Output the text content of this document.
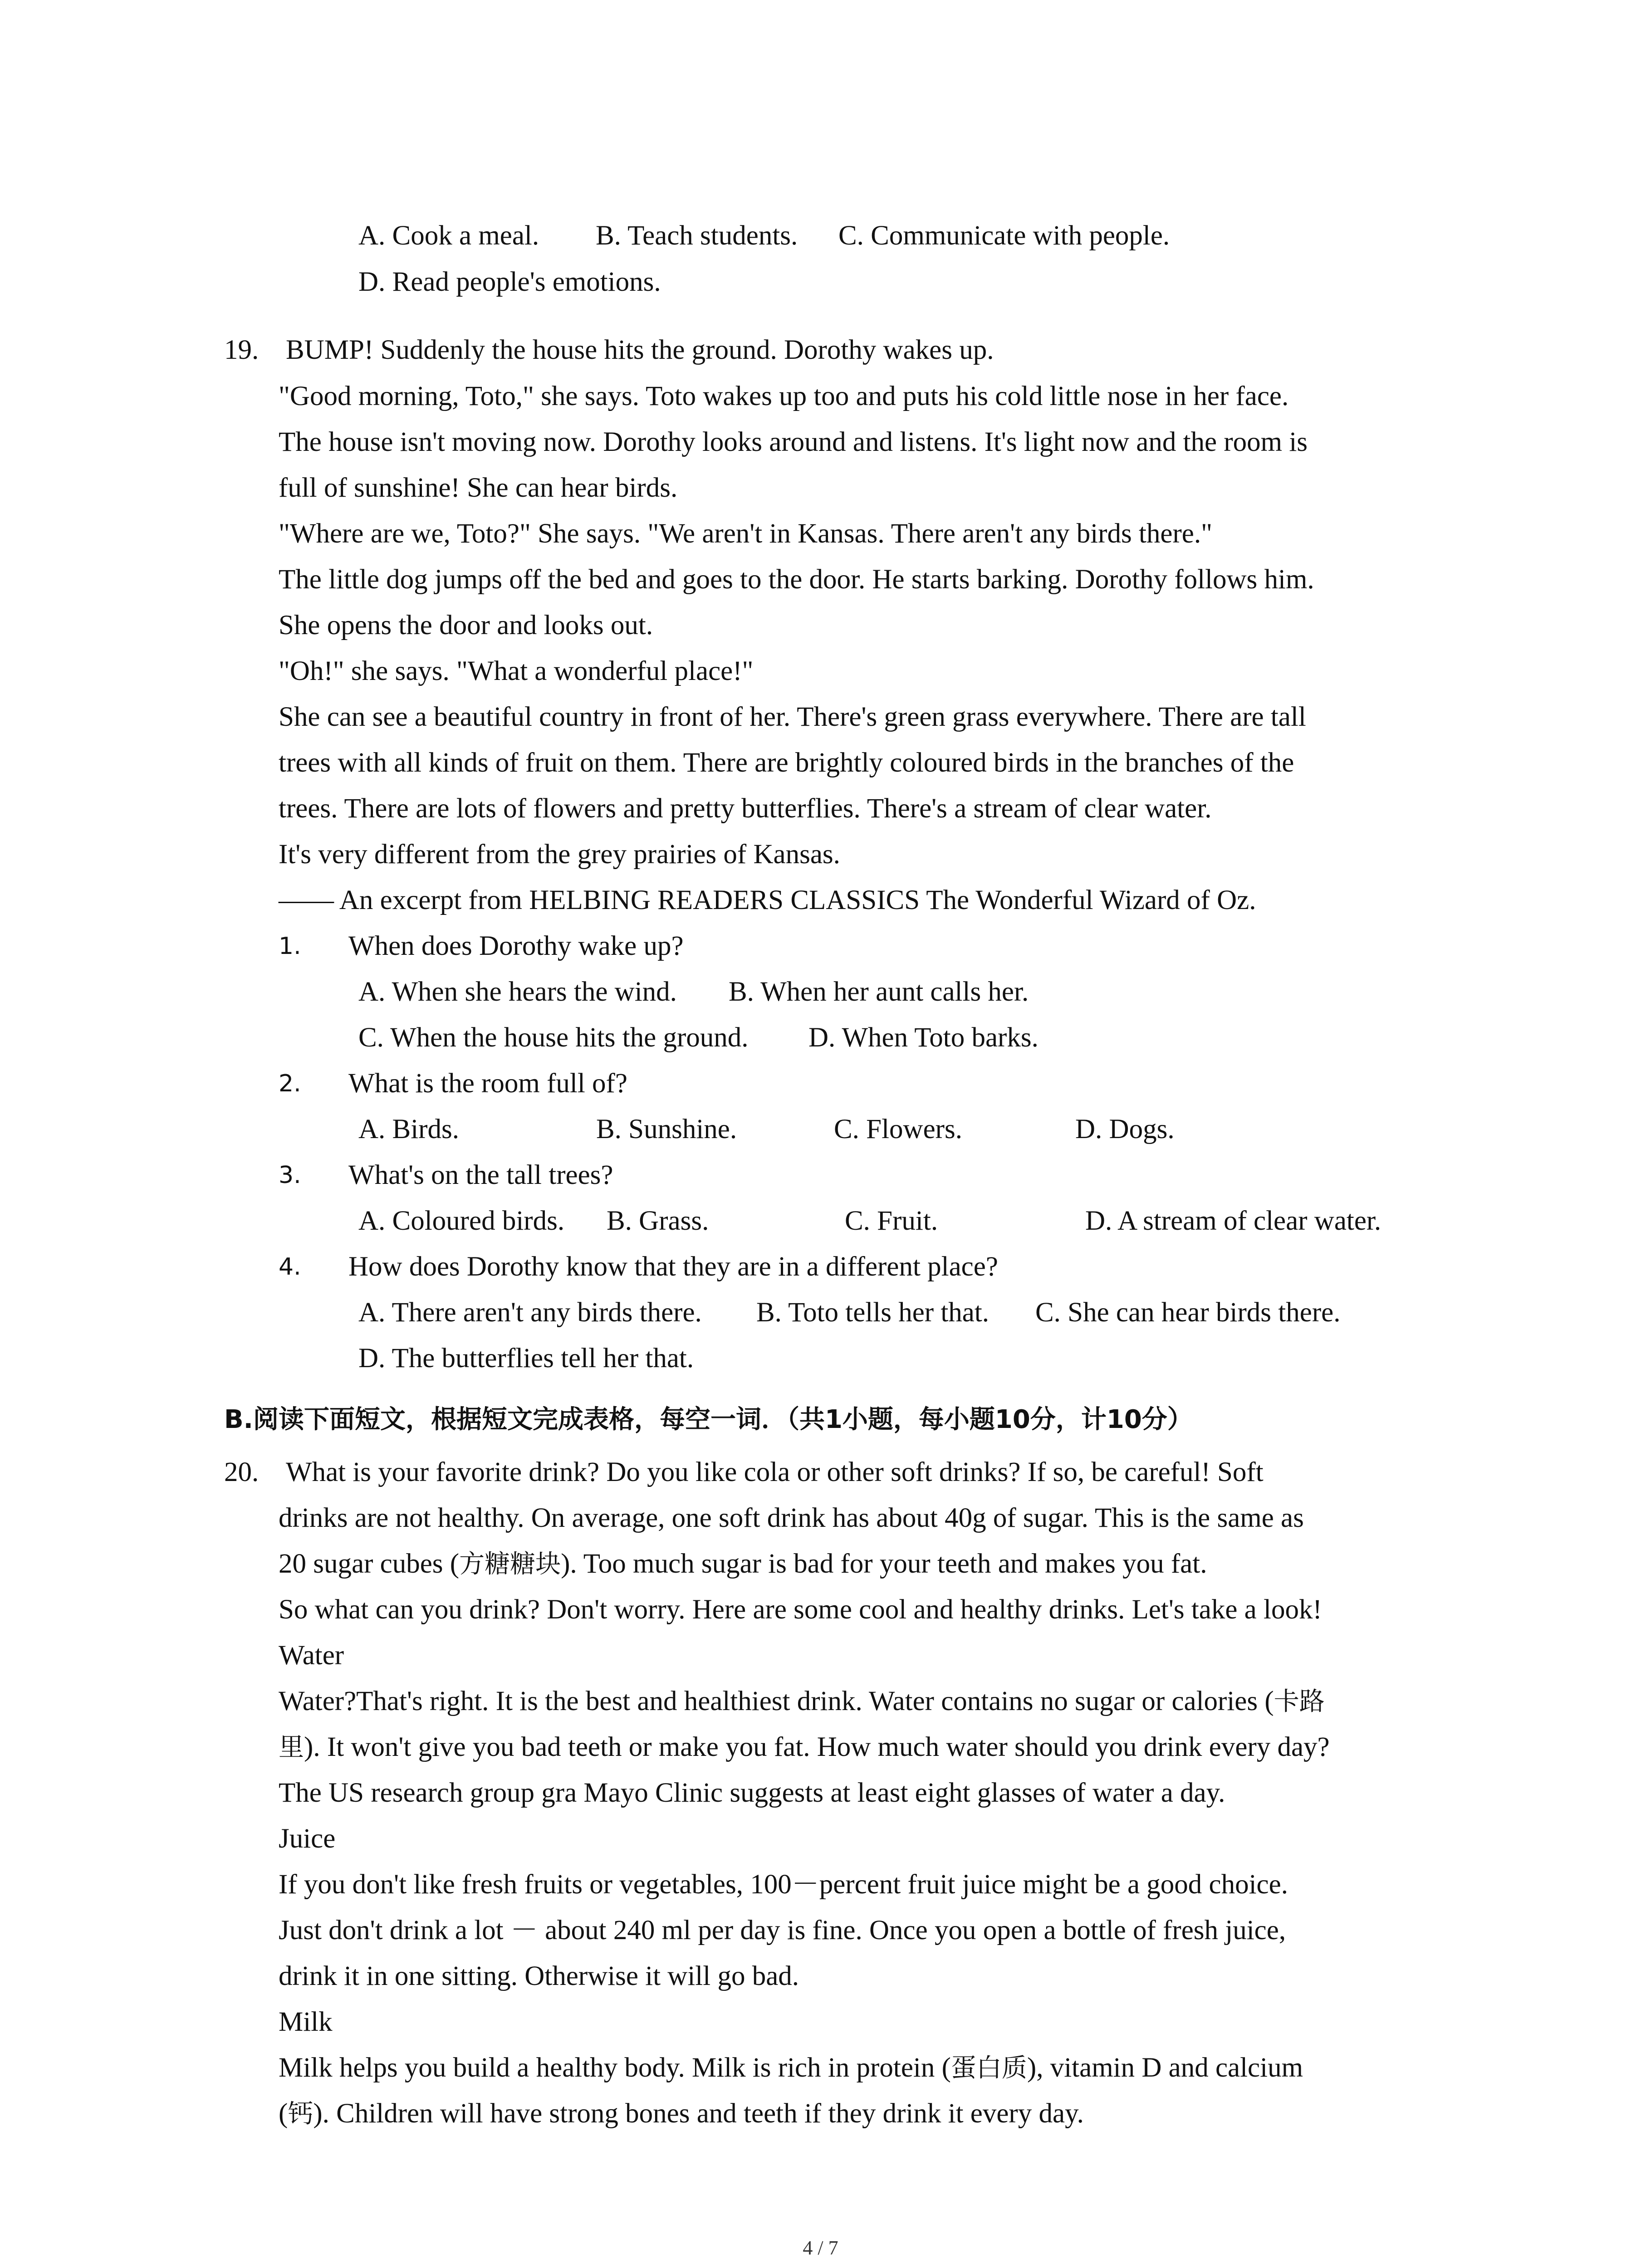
A. Cook a meal. B. Teach students. C. Communicate with people.
D. Read people's emotions.
19. BUMP! Suddenly the house hits the ground. Dorothy wakes up.
"Good morning, Toto," she says. Toto wakes up too and puts his cold little nose in her face.
The house isn't moving now. Dorothy looks around and listens. It's light now and the room is
full of sunshine! She can hear birds.
"Where are we, Toto?" She says. "We aren't in Kansas. There aren't any birds there."
The little dog jumps off the bed and goes to the door. He starts barking. Dorothy follows him.
She opens the door and looks out.
"Oh!" she says. "What a wonderful place!"
She can see a beautiful country in front of her. There's green grass everywhere. There are tall
trees with all kinds of fruit on them. There are brightly coloured birds in the branches of the
trees. There are lots of flowers and pretty butterflies. There's a stream of clear water.
It's very different from the grey prairies of Kansas.
—— An excerpt from HELBING READERS CLASSICS The Wonderful Wizard of Oz.
1. When does Dorothy wake up?
A. When she hears the wind. B. When her aunt calls her.
C. When the house hits the ground. D. When Toto barks.
2. What is the room full of?
A. Birds.	B. Sunshine.	C. Flowers.	D. Dogs.
3. What's on the tall trees?
A. Coloured birds. B. Grass.	C. Fruit.	D. A stream of clear water.
4. How does Dorothy know that they are in a different place?
A. There aren't any birds there. B. Toto tells her that. C. She can hear birds there.
D. The butterflies tell her that.
B.阅读下面短文，根据短文完成表格，每空一词．（共1小题，每小题10分，计10分）
20. What is your favorite drink? Do you like cola or other soft drinks? If so, be careful! Soft
drinks are not healthy. On average, one soft drink has about 40g of sugar. This is the same as
20 sugar cubes (方糖糖块). Too much sugar is bad for your teeth and makes you fat.
So what can you drink? Don't worry. Here are some cool and healthy drinks. Let's take a look!
Water
Water?That's right. It is the best and healthiest drink. Water contains no sugar or calories (卡路
里). It won't give you bad teeth or make you fat. How much water should you drink every day?
The US research group gra Mayo Clinic suggests at least eight glasses of water a day.
Juice
If you don't like fresh fruits or vegetables, 100－percent fruit juice might be a good choice.
Just don't drink a lot － about 240 ml per day is fine. Once you open a bottle of fresh juice,
drink it in one sitting. Otherwise it will go bad.
Milk
Milk helps you build a healthy body. Milk is rich in protein (蛋白质), vitamin D and calcium
(钙). Children will have strong bones and teeth if they drink it every day.
4 / 7
